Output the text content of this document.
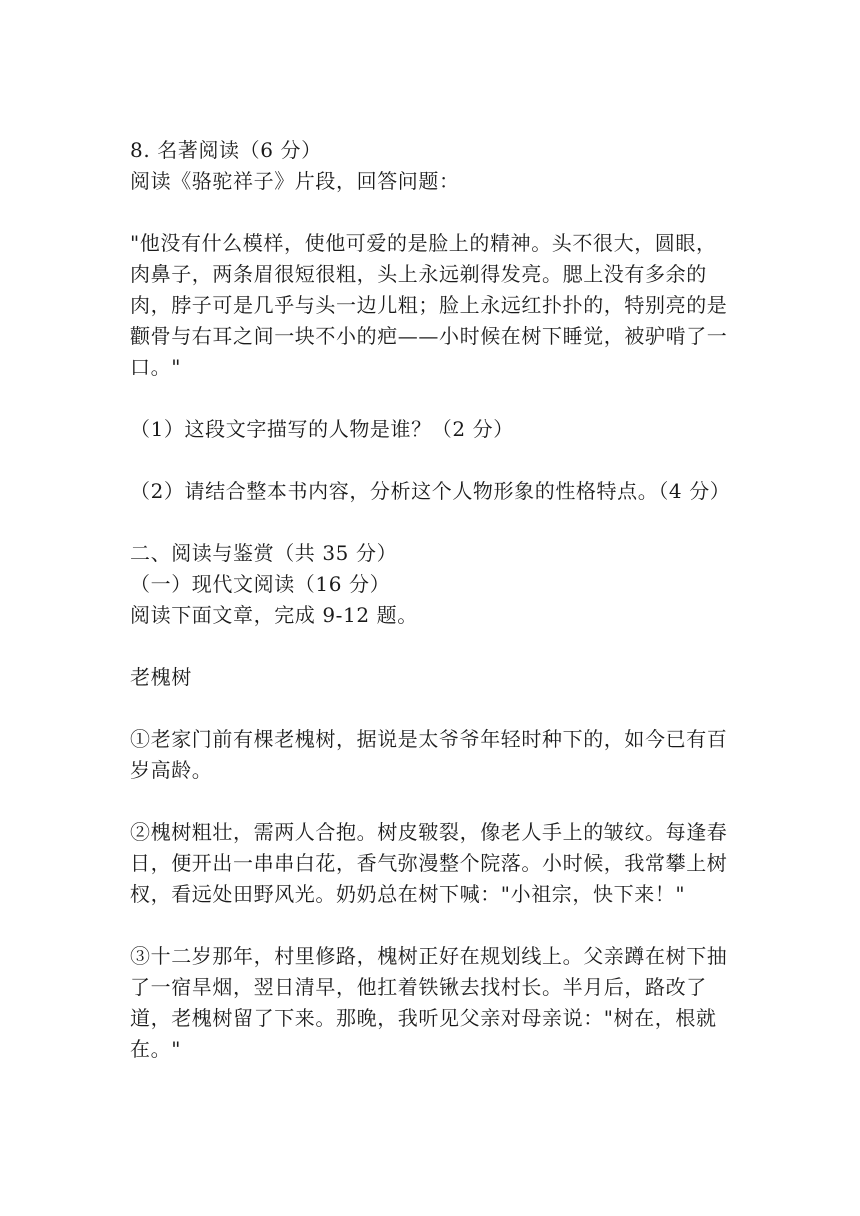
8. 名著阅读（6 分）

阅读《骆驼祥子》片段，回答问题：

"他没有什么模样，使他可爱的是脸上的精神。头不很大，圆眼，肉鼻子，两条眉很短很粗，头上永远剃得发亮。腮上没有多余的肉，脖子可是几乎与头一边儿粗；脸上永远红扑扑的，特别亮的是颧骨与右耳之间一块不小的疤——小时候在树下睡觉，被驴啃了一口。"

（1）这段文字描写的人物是谁？（2 分）

（2）请结合整本书内容，分析这个人物形象的性格特点。（4 分）

二、阅读与鉴赏（共 35 分）

（一）现代文阅读（16 分）

阅读下面文章，完成 9-12 题。

老槐树

①老家门前有棵老槐树，据说是太爷爷年轻时种下的，如今已有百岁高龄。

②槐树粗壮，需两人合抱。树皮皲裂，像老人手上的皱纹。每逢春日，便开出一串串白花，香气弥漫整个院落。小时候，我常攀上树杈，看远处田野风光。奶奶总在树下喊："小祖宗，快下来！"

③十二岁那年，村里修路，槐树正好在规划线上。父亲蹲在树下抽了一宿旱烟，翌日清早，他扛着铁锹去找村长。半月后，路改了道，老槐树留了下来。那晚，我听见父亲对母亲说："树在，根就在。"
